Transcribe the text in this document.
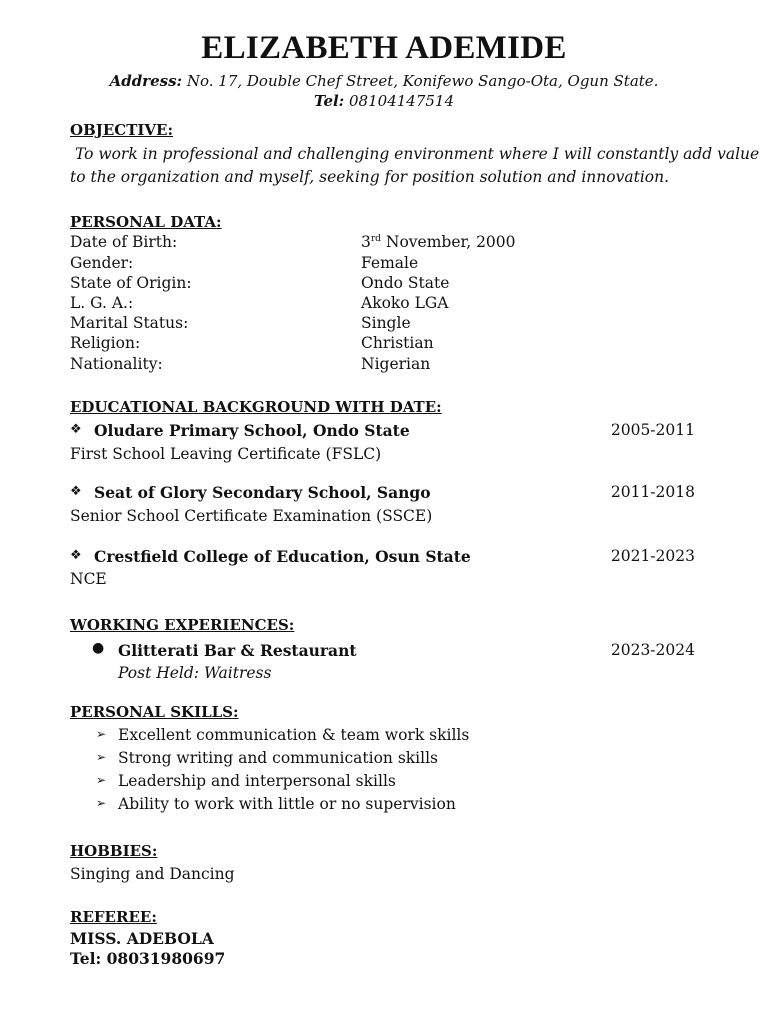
ELIZABETH ADEMIDE
Address: No. 17, Double Chef Street, Konifewo Sango-Ota, Ogun State.
Tel: 08104147514
OBJECTIVE:
To work in professional and challenging environment where I will constantly add value to the organization and myself, seeking for position solution and innovation.
PERSONAL DATA:
Date of Birth:	3rd November, 2000
Gender:	Female
State of Origin:	Ondo State
L. G. A.:	Akoko LGA
Marital Status:	Single
Religion:	Christian
Nationality:	Nigerian
EDUCATIONAL BACKGROUND WITH DATE:
❖ Oludare Primary School, Ondo State	2005-2011
First School Leaving Certificate (FSLC)
❖ Seat of Glory Secondary School, Sango	2011-2018
Senior School Certificate Examination (SSCE)
❖ Crestfield College of Education, Osun State	2021-2023
NCE
WORKING EXPERIENCES:
● Glitterati Bar & Restaurant	2023-2024
Post Held: Waitress
PERSONAL SKILLS:
➢ Excellent communication & team work skills
➢ Strong writing and communication skills
➢ Leadership and interpersonal skills
➢ Ability to work with little or no supervision
HOBBIES:
Singing and Dancing
REFEREE:
MISS. ADEBOLA
Tel: 08031980697
